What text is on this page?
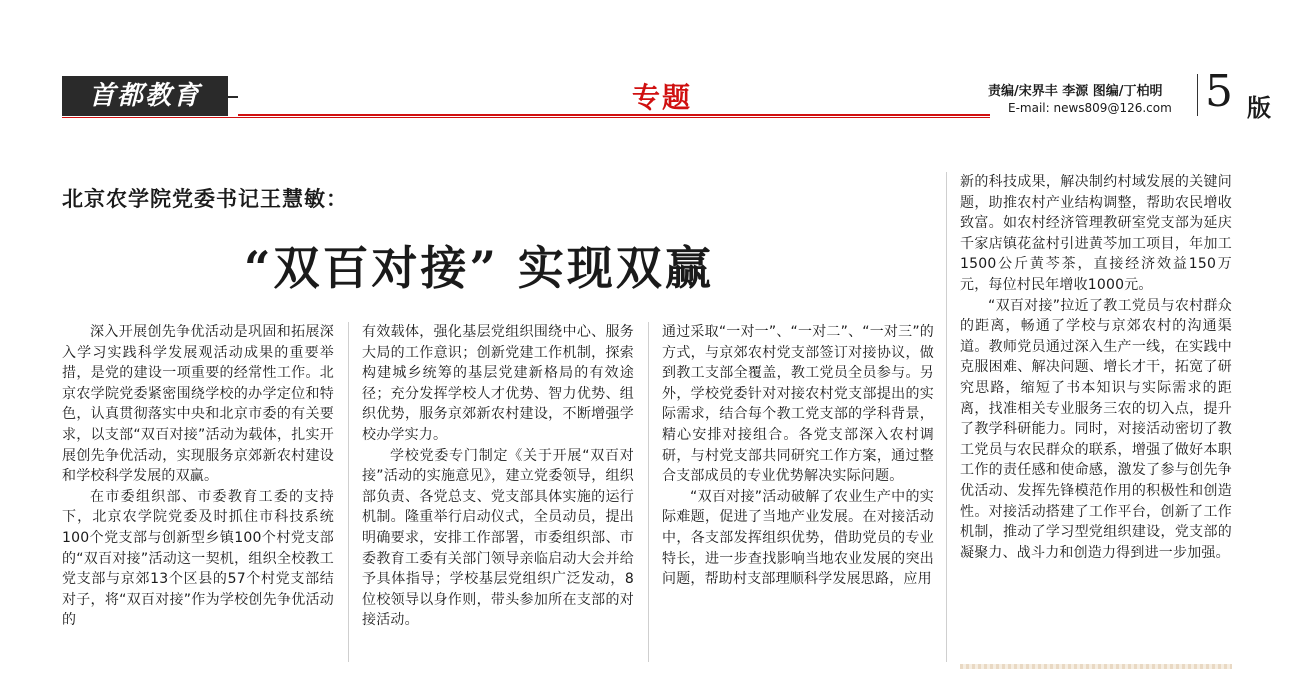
首都教育	专题	责编/宋界丰 李源 图编/丁柏明
E-mail: news809@126.com 5 版
北京农学院党委书记王慧敏：
“双百对接” 实现双赢

深入开展创先争优活动是巩固和拓展深入学习实践科学发展观活动成果的重要举措，是党的建设一项重要的经常性工作。北京农学院党委紧密围绕学校的办学定位和特色，认真贯彻落实中央和北京市委的有关要求，以支部“双百对接”活动为载体，扎实开展创先争优活动，实现服务京郊新农村建设和学校科学发展的双赢。

在市委组织部、市委教育工委的支持下，北京农学院党委及时抓住市科技系统100个党支部与创新型乡镇100个村党支部的“双百对接”活动这一契机，组织全校教工党支部与京郊13个区县的57个村党支部结对子，将“双百对接”作为学校创先争优活动的

有效载体，强化基层党组织围绕中心、服务大局的工作意识；创新党建工作机制，探索构建城乡统筹的基层党建新格局的有效途径；充分发挥学校人才优势、智力优势、组织优势，服务京郊新农村建设，不断增强学校办学实力。

学校党委专门制定《关于开展“双百对接”活动的实施意见》，建立党委领导，组织部负责、各党总支、党支部具体实施的运行机制。隆重举行启动仪式，全员动员，提出明确要求，安排工作部署，市委组织部、市委教育工委有关部门领导亲临启动大会并给予具体指导；学校基层党组织广泛发动，8位校领导以身作则，带头参加所在支部的对接活动。

通过采取“一对一”、“一对二”、“一对三”的方式，与京郊农村党支部签订对接协议，做到教工支部全覆盖，教工党员全员参与。另外，学校党委针对对接农村党支部提出的实际需求，结合每个教工党支部的学科背景，精心安排对接组合。各党支部深入农村调研，与村党支部共同研究工作方案，通过整合支部成员的专业优势解决实际问题。

“双百对接”活动破解了农业生产中的实际难题，促进了当地产业发展。在对接活动中，各支部发挥组织优势，借助党员的专业特长，进一步查找影响当地农业发展的突出问题，帮助村支部理顺科学发展思路，应用

新的科技成果，解决制约村域发展的关键问题，助推农村产业结构调整，帮助农民增收致富。如农村经济管理教研室党支部为延庆千家店镇花盆村引进黄芩加工项目，年加工1500公斤黄芩茶，直接经济效益150万元，每位村民年增收1000元。

“双百对接”拉近了教工党员与农村群众的距离，畅通了学校与京郊农村的沟通渠道。教师党员通过深入生产一线，在实践中克服困难、解决问题、增长才干，拓宽了研究思路，缩短了书本知识与实际需求的距离，找准相关专业服务三农的切入点，提升了教学科研能力。同时，对接活动密切了教工党员与农民群众的联系，增强了做好本职工作的责任感和使命感，激发了参与创先争优活动、发挥先锋模范作用的积极性和创造性。对接活动搭建了工作平台，创新了工作机制，推动了学习型党组织建设，党支部的凝聚力、战斗力和创造力得到进一步加强。
